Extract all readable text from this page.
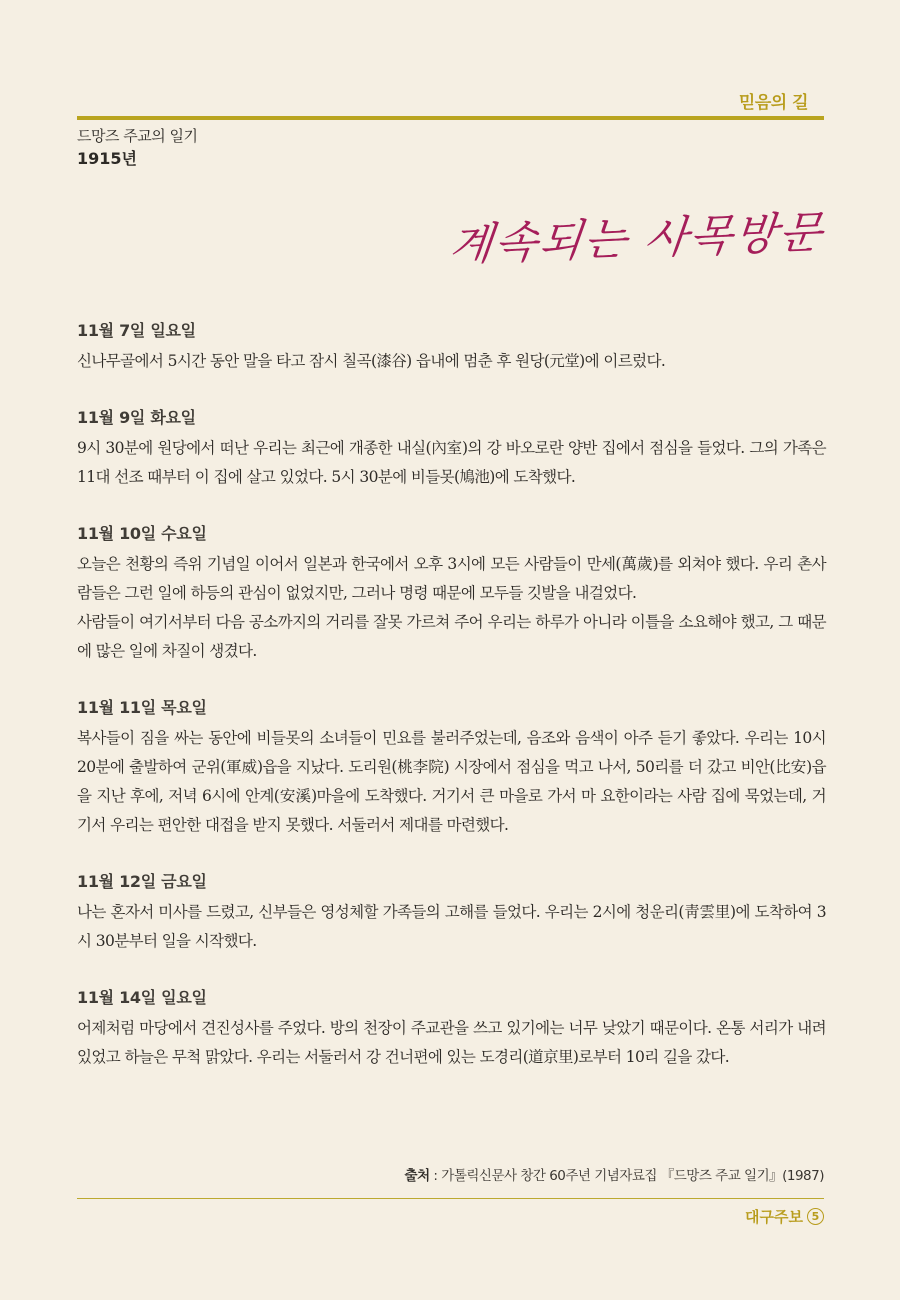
믿음의 길
드망즈 주교의 일기
1915년
계속되는 사목방문
11월 7일 일요일

신나무골에서 5시간 동안 말을 타고 잠시 칠곡(漆谷) 읍내에 멈춘 후 원당(元堂)에 이르렀다.

11월 9일 화요일

9시 30분에 원당에서 떠난 우리는 최근에 개종한 내실(內室)의 강 바오로란 양반 집에서 점심을 들었다. 그의 가족은 11대 선조 때부터 이 집에 살고 있었다. 5시 30분에 비들못(鳩池)에 도착했다.

11월 10일 수요일

오늘은 천황의 즉위 기념일 이어서 일본과 한국에서 오후 3시에 모든 사람들이 만세(萬歲)를 외쳐야 했다. 우리 촌사람들은 그런 일에 하등의 관심이 없었지만, 그러나 명령 때문에 모두들 깃발을 내걸었다.

사람들이 여기서부터 다음 공소까지의 거리를 잘못 가르쳐 주어 우리는 하루가 아니라 이틀을 소요해야 했고, 그 때문에 많은 일에 차질이 생겼다.

11월 11일 목요일

복사들이 짐을 싸는 동안에 비들못의 소녀들이 민요를 불러주었는데, 음조와 음색이 아주 듣기 좋았다. 우리는 10시 20분에 출발하여 군위(軍威)읍을 지났다. 도리원(桃李院) 시장에서 점심을 먹고 나서, 50리를 더 갔고 비안(比安)읍을 지난 후에, 저녁 6시에 안계(安溪)마을에 도착했다. 거기서 큰 마을로 가서 마 요한이라는 사람 집에 묵었는데, 거기서 우리는 편안한 대접을 받지 못했다. 서둘러서 제대를 마련했다.

11월 12일 금요일

나는 혼자서 미사를 드렸고, 신부들은 영성체할 가족들의 고해를 들었다. 우리는 2시에 청운리(靑雲里)에 도착하여 3시 30분부터 일을 시작했다.

11월 14일 일요일

어제처럼 마당에서 견진성사를 주었다. 방의 천장이 주교관을 쓰고 있기에는 너무 낮았기 때문이다. 온통 서리가 내려 있었고 하늘은 무척 맑았다. 우리는 서둘러서 강 건너편에 있는 도경리(道京里)로부터 10리 길을 갔다.

출처 : 가톨릭신문사 창간 60주년 기념자료집 『드망즈 주교 일기』(1987)
대구주보 5
